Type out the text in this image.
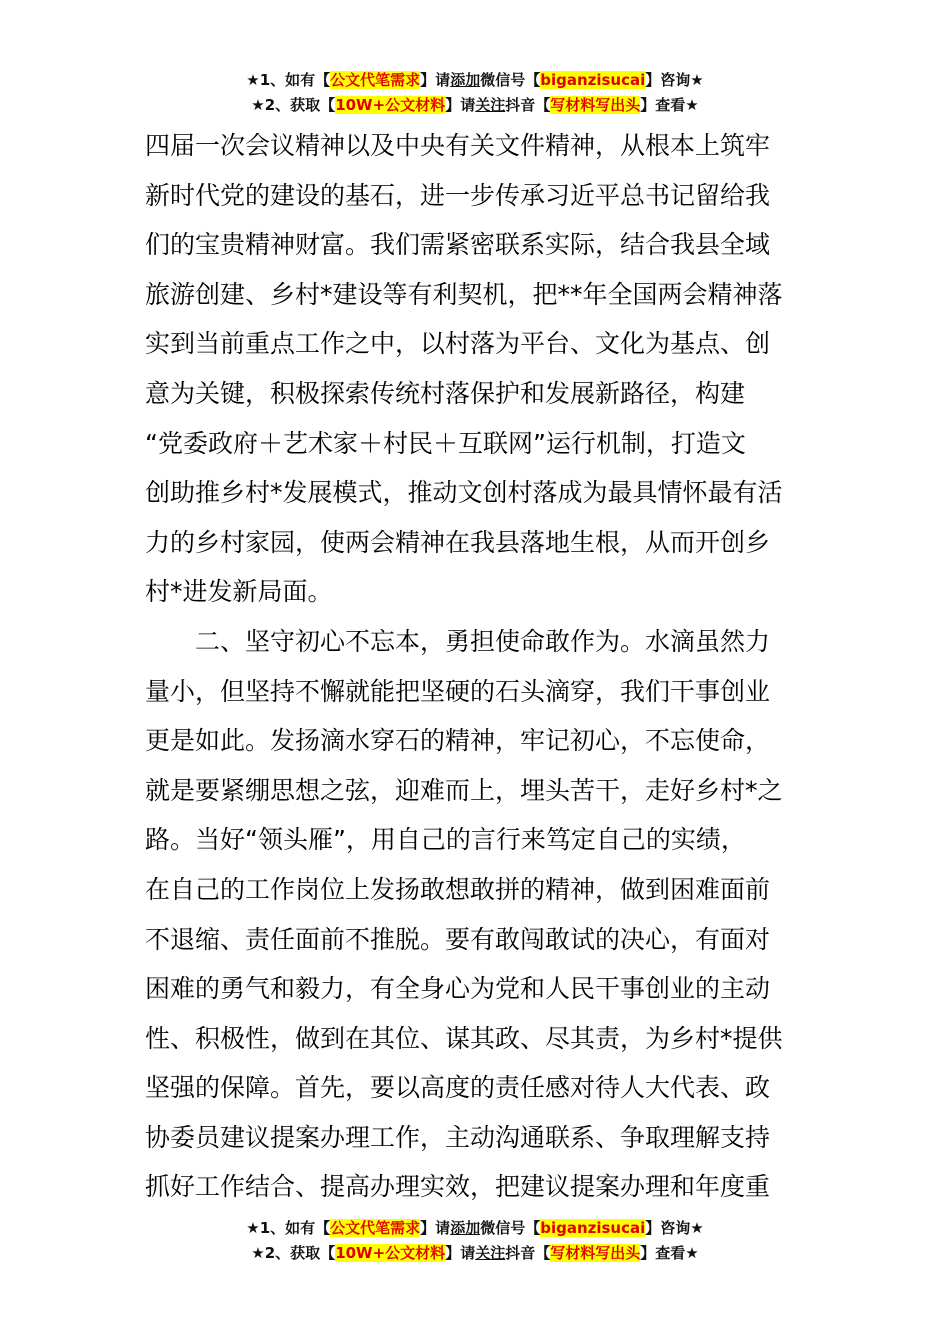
★1、如有【公文代笔需求】请添加微信号【biganzisucai】咨询★
★2、获取【10W+公文材料】请关注抖音【写材料写出头】查看★
四届一次会议精神以及中央有关文件精神，从根本上筑牢
新时代党的建设的基石，进一步传承习近平总书记留给我
们的宝贵精神财富。我们需紧密联系实际，结合我县全域
旅游创建、乡村*建设等有利契机，把**年全国两会精神落
实到当前重点工作之中，以村落为平台、文化为基点、创
意为关键，积极探索传统村落保护和发展新路径，构建
“党委政府＋艺术家＋村民＋互联网”运行机制，打造文
创助推乡村*发展模式，推动文创村落成为最具情怀最有活
力的乡村家园，使两会精神在我县落地生根，从而开创乡
村*进发新局面。
二、坚守初心不忘本，勇担使命敢作为。水滴虽然力
量小，但坚持不懈就能把坚硬的石头滴穿，我们干事创业
更是如此。发扬滴水穿石的精神，牢记初心，不忘使命，
就是要紧绷思想之弦，迎难而上，埋头苦干，走好乡村*之
路。当好“领头雁”，用自己的言行来笃定自己的实绩，
在自己的工作岗位上发扬敢想敢拼的精神，做到困难面前
不退缩、责任面前不推脱。要有敢闯敢试的决心，有面对
困难的勇气和毅力，有全身心为党和人民干事创业的主动
性、积极性，做到在其位、谋其政、尽其责，为乡村*提供
坚强的保障。首先，要以高度的责任感对待人大代表、政
协委员建议提案办理工作，主动沟通联系、争取理解支持
抓好工作结合、提高办理实效，把建议提案办理和年度重
★1、如有【公文代笔需求】请添加微信号【biganzisucai】咨询★
★2、获取【10W+公文材料】请关注抖音【写材料写出头】查看★
